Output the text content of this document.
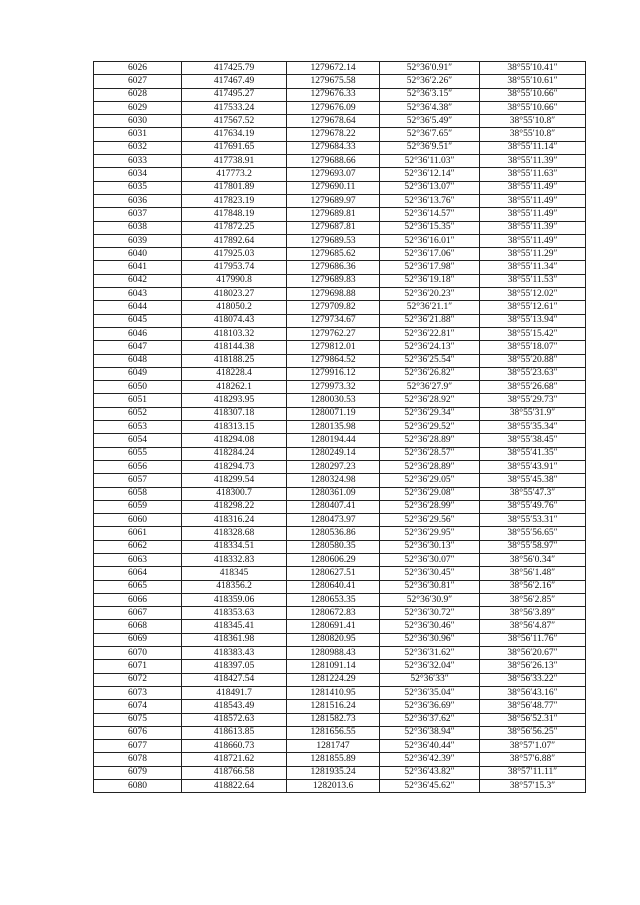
6026	417425.79	1279672.14	52°36′0.91″	38°55′10.41″
6027	417467.49	1279675.58	52°36′2.26″	38°55′10.61″
6028	417495.27	1279676.33	52°36′3.15″	38°55′10.66″
6029	417533.24	1279676.09	52°36′4.38″	38°55′10.66″
6030	417567.52	1279678.64	52°36′5.49″	38°55′10.8″
6031	417634.19	1279678.22	52°36′7.65″	38°55′10.8″
6032	417691.65	1279684.33	52°36′9.51″	38°55′11.14″
6033	417738.91	1279688.66	52°36′11.03″	38°55′11.39″
6034	417773.2	1279693.07	52°36′12.14″	38°55′11.63″
6035	417801.89	1279690.11	52°36′13.07″	38°55′11.49″
6036	417823.19	1279689.97	52°36′13.76″	38°55′11.49″
6037	417848.19	1279689.81	52°36′14.57″	38°55′11.49″
6038	417872.25	1279687.81	52°36′15.35″	38°55′11.39″
6039	417892.64	1279689.53	52°36′16.01″	38°55′11.49″
6040	417925.03	1279685.62	52°36′17.06″	38°55′11.29″
6041	417953.74	1279686.36	52°36′17.98″	38°55′11.34″
6042	417990.8	1279689.83	52°36′19.18″	38°55′11.53″
6043	418023.27	1279698.88	52°36′20.23″	38°55′12.02″
6044	418050.2	1279709.82	52°36′21.1″	38°55′12.61″
6045	418074.43	1279734.67	52°36′21.88″	38°55′13.94″
6046	418103.32	1279762.27	52°36′22.81″	38°55′15.42″
6047	418144.38	1279812.01	52°36′24.13″	38°55′18.07″
6048	418188.25	1279864.52	52°36′25.54″	38°55′20.88″
6049	418228.4	1279916.12	52°36′26.82″	38°55′23.63″
6050	418262.1	1279973.32	52°36′27.9″	38°55′26.68″
6051	418293.95	1280030.53	52°36′28.92″	38°55′29.73″
6052	418307.18	1280071.19	52°36′29.34″	38°55′31.9″
6053	418313.15	1280135.98	52°36′29.52″	38°55′35.34″
6054	418294.08	1280194.44	52°36′28.89″	38°55′38.45″
6055	418284.24	1280249.14	52°36′28.57″	38°55′41.35″
6056	418294.73	1280297.23	52°36′28.89″	38°55′43.91″
6057	418299.54	1280324.98	52°36′29.05″	38°55′45.38″
6058	418300.7	1280361.09	52°36′29.08″	38°55′47.3″
6059	418298.22	1280407.41	52°36′28.99″	38°55′49.76″
6060	418316.24	1280473.97	52°36′29.56″	38°55′53.31″
6061	418328.68	1280536.86	52°36′29.95″	38°55′56.65″
6062	418334.51	1280580.35	52°36′30.13″	38°55′58.97″
6063	418332.83	1280606.29	52°36′30.07″	38°56′0.34″
6064	418345	1280627.51	52°36′30.45″	38°56′1.48″
6065	418356.2	1280640.41	52°36′30.81″	38°56′2.16″
6066	418359.06	1280653.35	52°36′30.9″	38°56′2.85″
6067	418353.63	1280672.83	52°36′30.72″	38°56′3.89″
6068	418345.41	1280691.41	52°36′30.46″	38°56′4.87″
6069	418361.98	1280820.95	52°36′30.96″	38°56′11.76″
6070	418383.43	1280988.43	52°36′31.62″	38°56′20.67″
6071	418397.05	1281091.14	52°36′32.04″	38°56′26.13″
6072	418427.54	1281224.29	52°36′33″	38°56′33.22″
6073	418491.7	1281410.95	52°36′35.04″	38°56′43.16″
6074	418543.49	1281516.24	52°36′36.69″	38°56′48.77″
6075	418572.63	1281582.73	52°36′37.62″	38°56′52.31″
6076	418613.85	1281656.55	52°36′38.94″	38°56′56.25″
6077	418660.73	1281747	52°36′40.44″	38°57′1.07″
6078	418721.62	1281855.89	52°36′42.39″	38°57′6.88″
6079	418766.58	1281935.24	52°36′43.82″	38°57′11.11″
6080	418822.64	1282013.6	52°36′45.62″	38°57′15.3″
